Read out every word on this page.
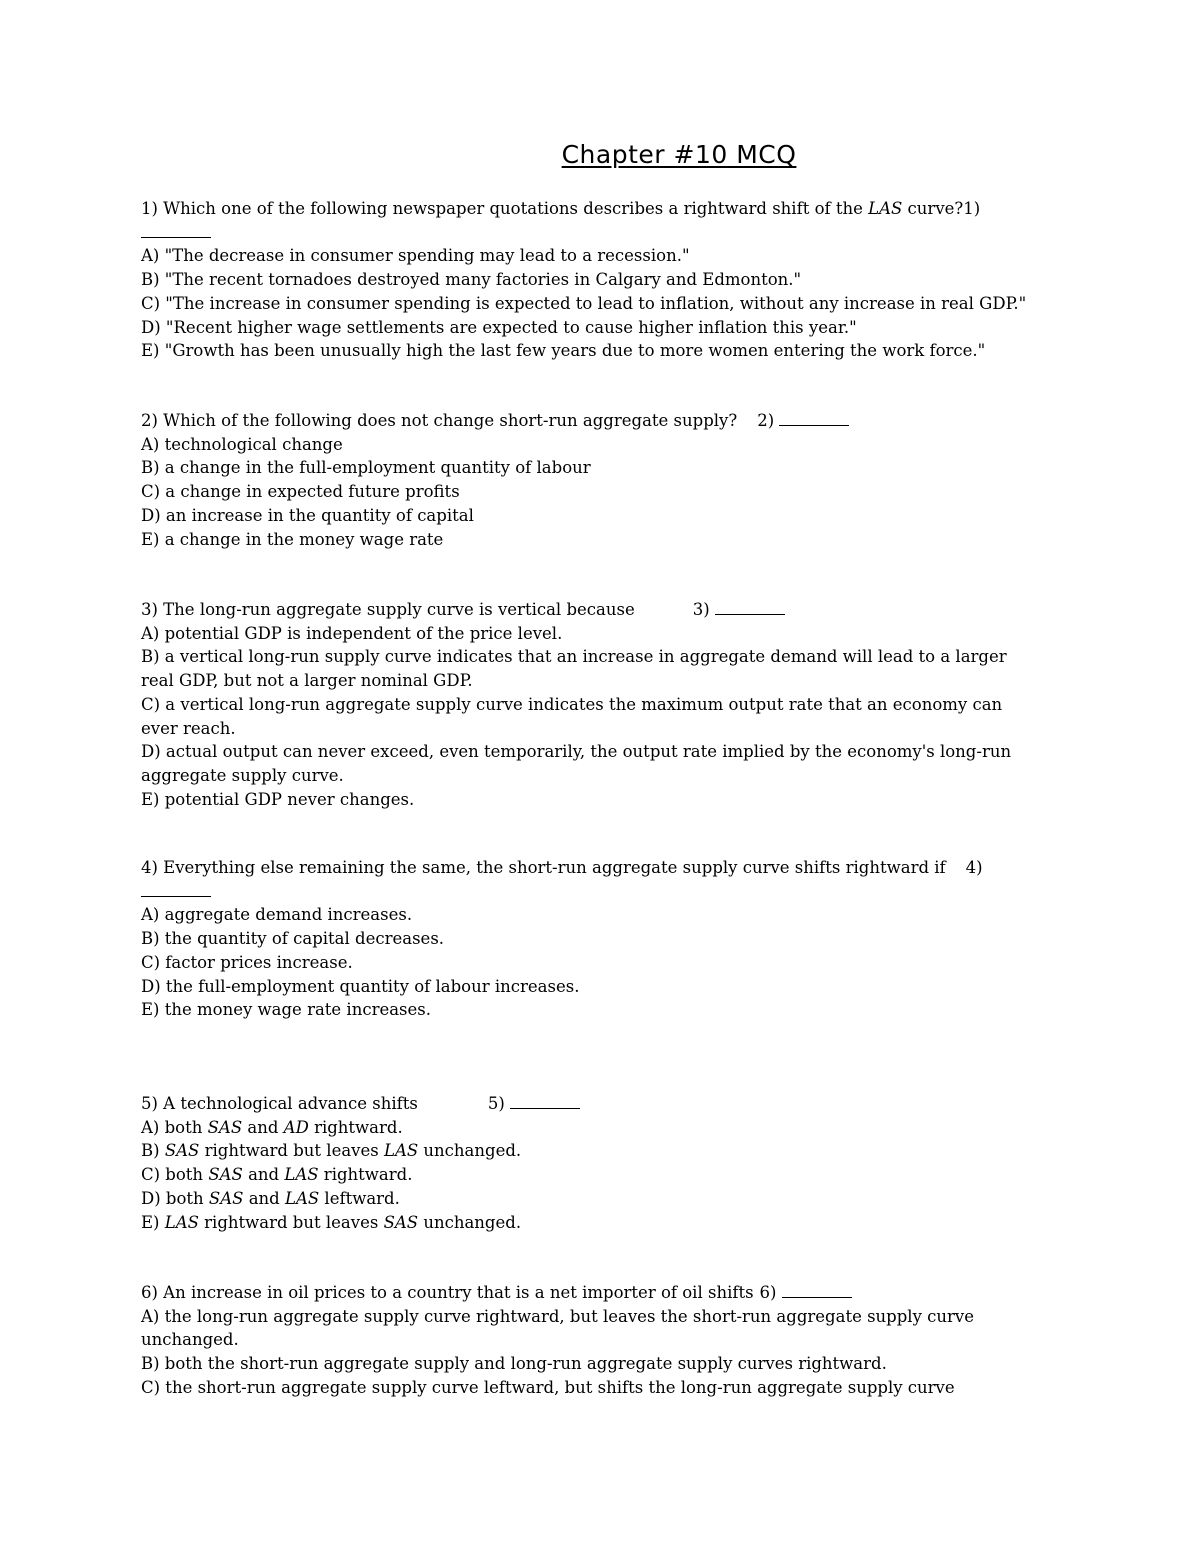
Chapter #10 MCQ
1) Which one of the following newspaper quotations describes a rightward shift of the LAS curve?1)
A) "The decrease in consumer spending may lead to a recession."
B) "The recent tornadoes destroyed many factories in Calgary and Edmonton."
C) "The increase in consumer spending is expected to lead to inflation, without any increase in real GDP."
D) "Recent higher wage settlements are expected to cause higher inflation this year."
E) "Growth has been unusually high the last few years due to more women entering the work force."
2) Which of the following does not change short-run aggregate supply? 2)
A) technological change
B) a change in the full-employment quantity of labour
C) a change in expected future profits
D) an increase in the quantity of capital
E) a change in the money wage rate
3) The long-run aggregate supply curve is vertical because	3)
A) potential GDP is independent of the price level.
B) a vertical long-run supply curve indicates that an increase in aggregate demand will lead to a larger real GDP, but not a larger nominal GDP.
C) a vertical long-run aggregate supply curve indicates the maximum output rate that an economy can ever reach.
D) actual output can never exceed, even temporarily, the output rate implied by the economy's long-run aggregate supply curve.
E) potential GDP never changes.
4) Everything else remaining the same, the short-run aggregate supply curve shifts rightward if 4)
A) aggregate demand increases.
B) the quantity of capital decreases.
C) factor prices increase.
D) the full-employment quantity of labour increases.
E) the money wage rate increases.
5) A technological advance shifts	5)
A) both SAS and AD rightward.
B) SAS rightward but leaves LAS unchanged.
C) both SAS and LAS rightward.
D) both SAS and LAS leftward.
E) LAS rightward but leaves SAS unchanged.
6) An increase in oil prices to a country that is a net importer of oil shifts 6)
A) the long-run aggregate supply curve rightward, but leaves the short-run aggregate supply curve unchanged.
B) both the short-run aggregate supply and long-run aggregate supply curves rightward.
C) the short-run aggregate supply curve leftward, but shifts the long-run aggregate supply curve
